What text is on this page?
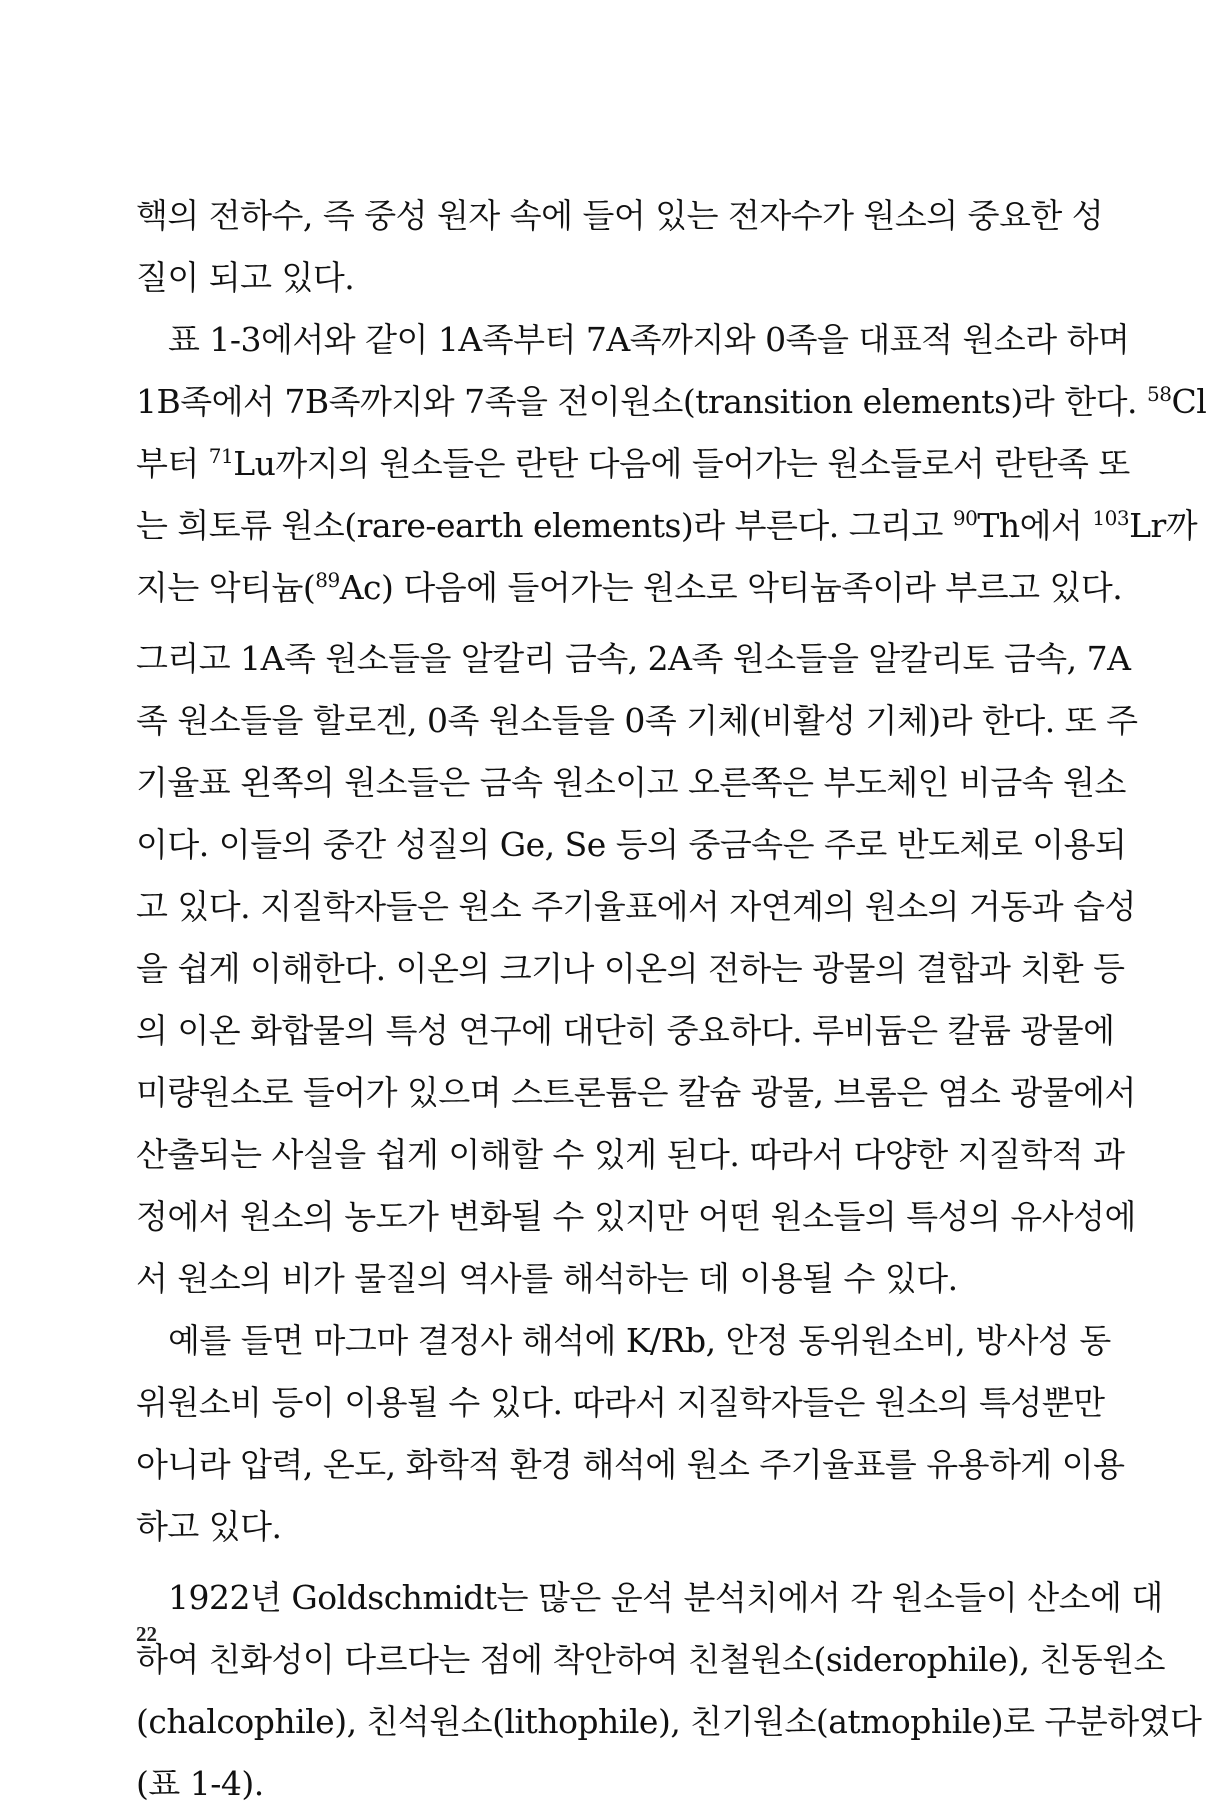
핵의 전하수, 즉 중성 원자 속에 들어 있는 전자수가 원소의 중요한 성
질이 되고 있다.
표 1-3에서와 같이 1A족부터 7A족까지와 0족을 대표적 원소라 하며
1B족에서 7B족까지와 7족을 전이원소(transition elements)라 한다. $^{58}$Cl
부터 $^{71}$Lu까지의 원소들은 란탄 다음에 들어가는 원소들로서 란탄족 또
는 희토류 원소(rare-earth elements)라 부른다. 그리고 $^{90}$Th에서 $^{103}$Lr까
지는 악티늄($^{89}$Ac) 다음에 들어가는 원소로 악티늄족이라 부르고 있다.
그리고 1A족 원소들을 알칼리 금속, 2A족 원소들을 알칼리토 금속, 7A
족 원소들을 할로겐, 0족 원소들을 0족 기체(비활성 기체)라 한다. 또 주
기율표 왼쪽의 원소들은 금속 원소이고 오른쪽은 부도체인 비금속 원소
이다. 이들의 중간 성질의 Ge, Se 등의 중금속은 주로 반도체로 이용되
고 있다. 지질학자들은 원소 주기율표에서 자연계의 원소의 거동과 습성
을 쉽게 이해한다. 이온의 크기나 이온의 전하는 광물의 결합과 치환 등
의 이온 화합물의 특성 연구에 대단히 중요하다. 루비듐은 칼륨 광물에
미량원소로 들어가 있으며 스트론튬은 칼슘 광물, 브롬은 염소 광물에서
산출되는 사실을 쉽게 이해할 수 있게 된다. 따라서 다양한 지질학적 과
정에서 원소의 농도가 변화될 수 있지만 어떤 원소들의 특성의 유사성에
서 원소의 비가 물질의 역사를 해석하는 데 이용될 수 있다.
예를 들면 마그마 결정사 해석에 K/Rb, 안정 동위원소비, 방사성 동
위원소비 등이 이용될 수 있다. 따라서 지질학자들은 원소의 특성뿐만
아니라 압력, 온도, 화학적 환경 해석에 원소 주기율표를 유용하게 이용
하고 있다.
1922년 Goldschmidt는 많은 운석 분석치에서 각 원소들이 산소에 대
하여 친화성이 다르다는 점에 착안하여 친철원소(siderophile), 친동원소
(chalcophile), 친석원소(lithophile), 친기원소(atmophile)로 구분하였다
(표 1-4).
22
